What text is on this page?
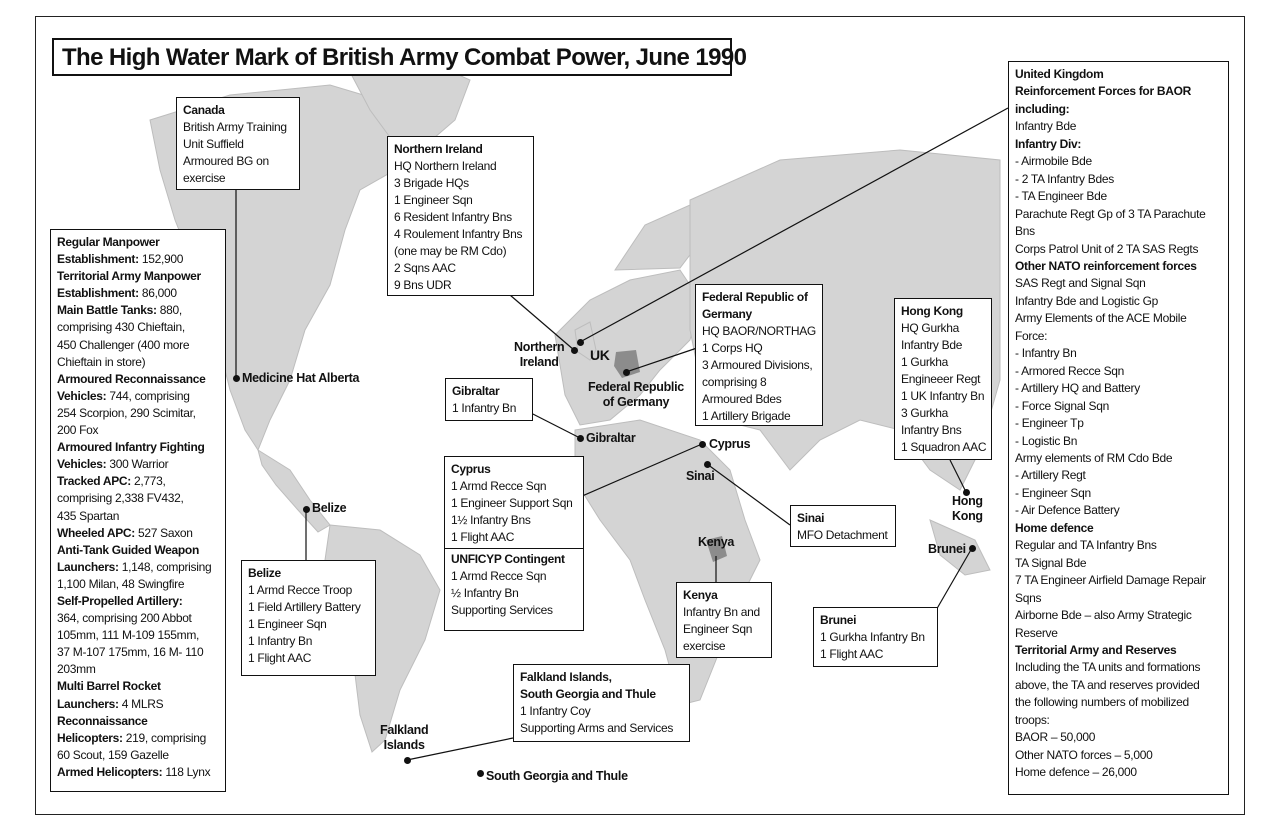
The High Water Mark of British Army Combat Power, June 1990
Medicine Hat Alberta
Northern
Ireland	UK
Federal Republic
of Germany
Gibraltar	Cyprus
Sinai
Kenya
Belize	Hong
Kong
Brunei
Falkland
Islands
South Georgia and Thule
Canada
British Army Training
Unit Suffield
Armoured BG on
exercise
Northern Ireland
HQ Northern Ireland
3 Brigade HQs
1 Engineer Sqn
6 Resident Infantry Bns
4 Roulement Infantry Bns
(one may be RM Cdo)
2 Sqns AAC
9 Bns UDR
Federal Republic of
Germany
HQ BAOR/NORTHAG
1 Corps HQ
3 Armoured Divisions,
comprising 8
Armoured Bdes
1 Artillery Brigade
Gibraltar
1 Infantry Bn
Cyprus
1 Armd Recce Sqn
1 Engineer Support Sqn
1½ Infantry Bns
1 Flight AAC
UNFICYP Contingent
1 Armd Recce Sqn
½ Infantry Bn
Supporting Services
Sinai
MFO Detachment
Kenya
Infantry Bn and
Engineer Sqn
exercise
Belize
1 Armd Recce Troop
1 Field Artillery Battery
1 Engineer Sqn
1 Infantry Bn
1 Flight AAC
Hong Kong
HQ Gurkha
Infantry Bde
1 Gurkha
Engineeer Regt
1 UK Infantry Bn
3 Gurkha
Infantry Bns
1 Squadron AAC
Brunei
1 Gurkha Infantry Bn
1 Flight AAC
Falkland Islands,
South Georgia and Thule
1 Infantry Coy
Supporting Arms and Services
Regular Manpower
Establishment: 152,900
Territorial Army Manpower
Establishment: 86,000
Main Battle Tanks: 880,
comprising 430 Chieftain,
450 Challenger (400 more
Chieftain in store)
Armoured Reconnaissance
Vehicles: 744, comprising
254 Scorpion, 290 Scimitar,
200 Fox
Armoured Infantry Fighting
Vehicles: 300 Warrior
Tracked APC: 2,773,
comprising 2,338 FV432,
435 Spartan
Wheeled APC: 527 Saxon
Anti-Tank Guided Weapon
Launchers: 1,148, comprising
1,100 Milan, 48 Swingfire
Self-Propelled Artillery:
364, comprising 200 Abbot
105mm, 111 M-109 155mm,
37 M-107 175mm, 16 M- 110
203mm
Multi Barrel Rocket
Launchers: 4 MLRS
Reconnaissance
Helicopters: 219, comprising
60 Scout, 159 Gazelle
Armed Helicopters: 118 Lynx
United Kingdom
Reinforcement Forces for BAOR
including:
Infantry Bde
Infantry Div:
- Airmobile Bde
- 2 TA Infantry Bdes
- TA Engineer Bde
Parachute Regt Gp of 3 TA Parachute
Bns
Corps Patrol Unit of 2 TA SAS Regts
Other NATO reinforcement forces
SAS Regt and Signal Sqn
Infantry Bde and Logistic Gp
Army Elements of the ACE Mobile
Force:
- Infantry Bn
- Armored Recce Sqn
- Artillery HQ and Battery
- Force Signal Sqn
- Engineer Tp
- Logistic Bn
Army elements of RM Cdo Bde
- Artillery Regt
- Engineer Sqn
- Air Defence Battery
Home defence
Regular and TA Infantry Bns
TA Signal Bde
7 TA Engineer Airfield Damage Repair
Sqns
Airborne Bde – also Army Strategic
Reserve
Territorial Army and Reserves
Including the TA units and formations
above, the TA and reserves provided
the following numbers of mobilized
troops:
BAOR – 50,000
Other NATO forces – 5,000
Home defence – 26,000
